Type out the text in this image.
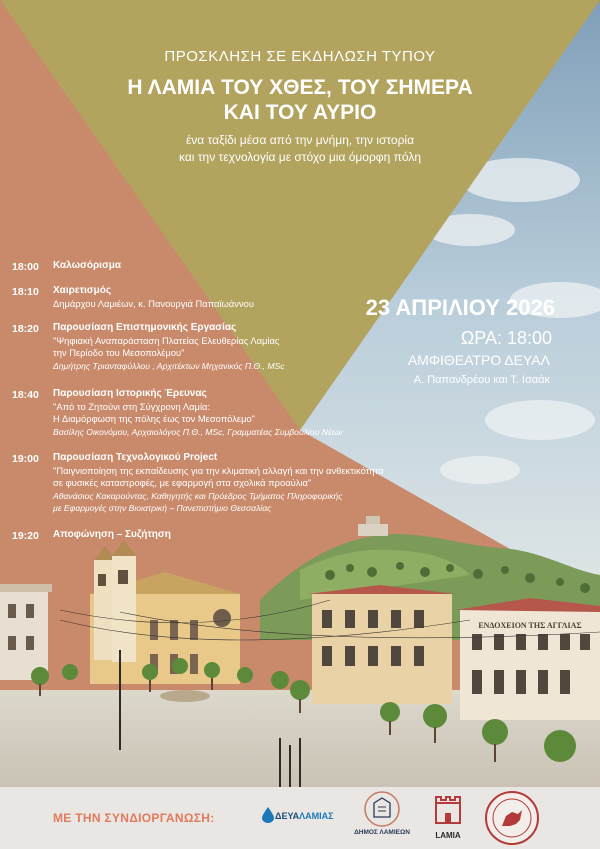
ΕΝΔΟΧΕΙΟΝ ΤΗΣ ΑΓΓΛΙΑΣ
ΠΡΟΣΚΛΗΣΗ ΣΕ ΕΚΔΗΛΩΣΗ ΤΥΠΟΥ
Η ΛΑΜΙΑ ΤΟΥ ΧΘΕΣ, ΤΟΥ ΣΗΜΕΡΑ
ΚΑΙ ΤΟΥ ΑΥΡΙΟ
ένα ταξίδι μέσα από την μνήμη, την ιστορία
και την τεχνολογία με στόχο μια όμορφη πόλη
18:00 Καλωσόρισμα
18:10 Χαιρετισμός
Δημάρχου Λαμιέων, κ. Πανουργιά Παπαϊωάννου
18:20 Παρουσίαση Επιστημονικής Εργασίας
"Ψηφιακή Αναπαράσταση Πλατείας Ελευθερίας Λαμίας
την Περίοδο του Μεσοπολέμου"
Δημήτρης Τριανταφύλλου , Αρχιτέκτων Μηχανικός Π.Θ., MSc
18:40 Παρουσίαση Ιστορικής Έρευνας
"Από το Ζητούνι στη Σύγχρονη Λαμία:
Η Διαμόρφωση της πόλης έως τον Μεσοπόλεμο"
Βασίλης Οικονόμου, Αρχαιολόγος Π.Θ., MSc, Γραμματέας Συμβουλίου Νέων
19:00 Παρουσίαση Τεχνολογικού Project
"Παιγνιοποίηση της εκπαίδευσης για την κλιματική αλλαγή και την ανθεκτικότητα
σε φυσικές καταστροφές, με εφαρμογή στα σχολικά προαύλια"
Αθανάσιος Κακαρούντας, Καθηγητής και Πρόεδρος Τμήματος Πληροφορικής
με Εφαρμογές στην Βιοιατρική – Πανεπιστήμιο Θεσσαλίας
19:20 Αποφώνηση – Συζήτηση
23 ΑΠΡΙΛΙΟΥ 2026
ΩΡΑ: 18:00
ΑΜΦΙΘΕΑΤΡΟ ΔΕΥΑΛ
Α. Παπανδρέου και Τ. Ισαάκ
ΜΕ ΤΗΝ ΣΥΝΔΙΟΡΓΑΝΩΣΗ:	ΔΕΥΑΛΑΜΙΑΣ
ΔΗΜΟΣ ΛΑΜΙΕΩΝ	LAMIA
